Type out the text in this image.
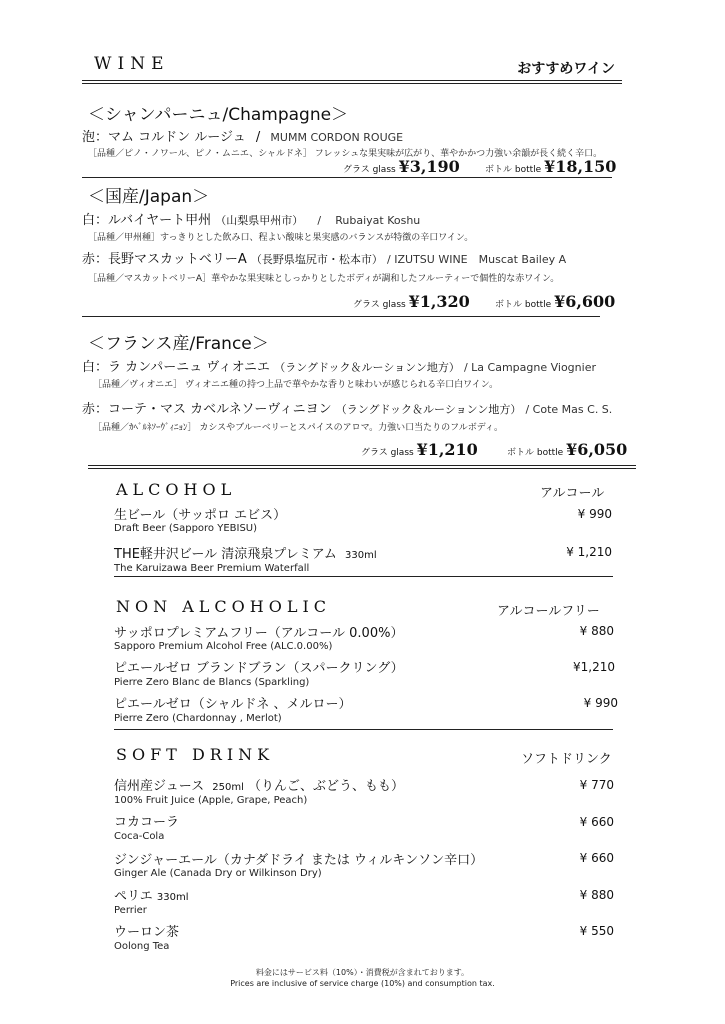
WINE	おすすめワイン
＜シャンパーニュ/Champagne＞
泡：マム コルドン ルージュ / MUMM CORDON ROUGE
［品種／ピノ・ノワール、ピノ・ムニエ、シャルドネ］ フレッシュな果実味が広がり、華やかかつ力強い余韻が長く続く辛口。
グラス glass ¥3,190	ボトル bottle ¥18,150
＜国産/Japan＞
白：ルバイヤート甲州 （山梨県甲州市） / Rubaiyat Koshu
［品種／甲州種］すっきりとした飲み口、程よい酸味と果実感のバランスが特徴の辛口ワイン。
赤：長野マスカットベリーA （長野県塩尻市・松本市） / IZUTSU WINE　Muscat Bailey A
［品種／マスカットベリーA］華やかな果実味としっかりとしたボディが調和したフルーティーで個性的な赤ワイン。
グラス glass ¥1,320	ボトル bottle ¥6,600
＜フランス産/France＞
白：ラ カンパーニュ ヴィオニエ （ラングドック＆ルーションン地方） / La Campagne Viognier
［品種／ヴィオニエ］ ヴィオニエ種の持つ上品で華やかな香りと味わいが感じられる辛口白ワイン。
赤：コーテ・マス カベルネソーヴィニヨン （ラングドック＆ルーションン地方） / Cote Mas C. S.
［品種／ｶﾍﾞﾙﾈｿｰｳﾞｨﾆｮﾝ］ カシスやブルーベリーとスパイスのアロマ。力強い口当たりのフルボディ。
グラス glass ¥1,210	ボトル bottle ¥6,050
ALCOHOL	アルコール
生ビール（サッポロ エビス）
Draft Beer (Sapporo YEBISU)
¥ 990
THE軽井沢ビール 清涼飛泉プレミアム 330ml
The Karuizawa Beer Premium Waterfall
¥ 1,210
NON ALCOHOLIC	アルコールフリー
サッポロプレミアムフリー（アルコール 0.00%）
Sapporo Premium Alcohol Free (ALC.0.00%)
¥ 880
ピエールゼロ ブランドブラン（スパークリング）
Pierre Zero Blanc de Blancs (Sparkling)
¥1,210
ピエールゼロ（シャルドネ 、メルロー）
Pierre Zero (Chardonnay , Merlot)
¥ 990
SOFT DRINK	ソフトドリンク
信州産ジュース 250ml （りんご、ぶどう、もも）
100% Fruit Juice (Apple, Grape, Peach)
¥ 770
コカコーラ
Coca-Cola
¥ 660
ジンジャーエール（カナダドライ または ウィルキンソン辛口）
Ginger Ale (Canada Dry or Wilkinson Dry)
¥ 660
ペリエ 330ml
Perrier
¥ 880
ウーロン茶
Oolong Tea
¥ 550
料金にはサービス料（10%）・消費税が含まれております。
Prices are inclusive of service charge (10%) and consumption tax.
